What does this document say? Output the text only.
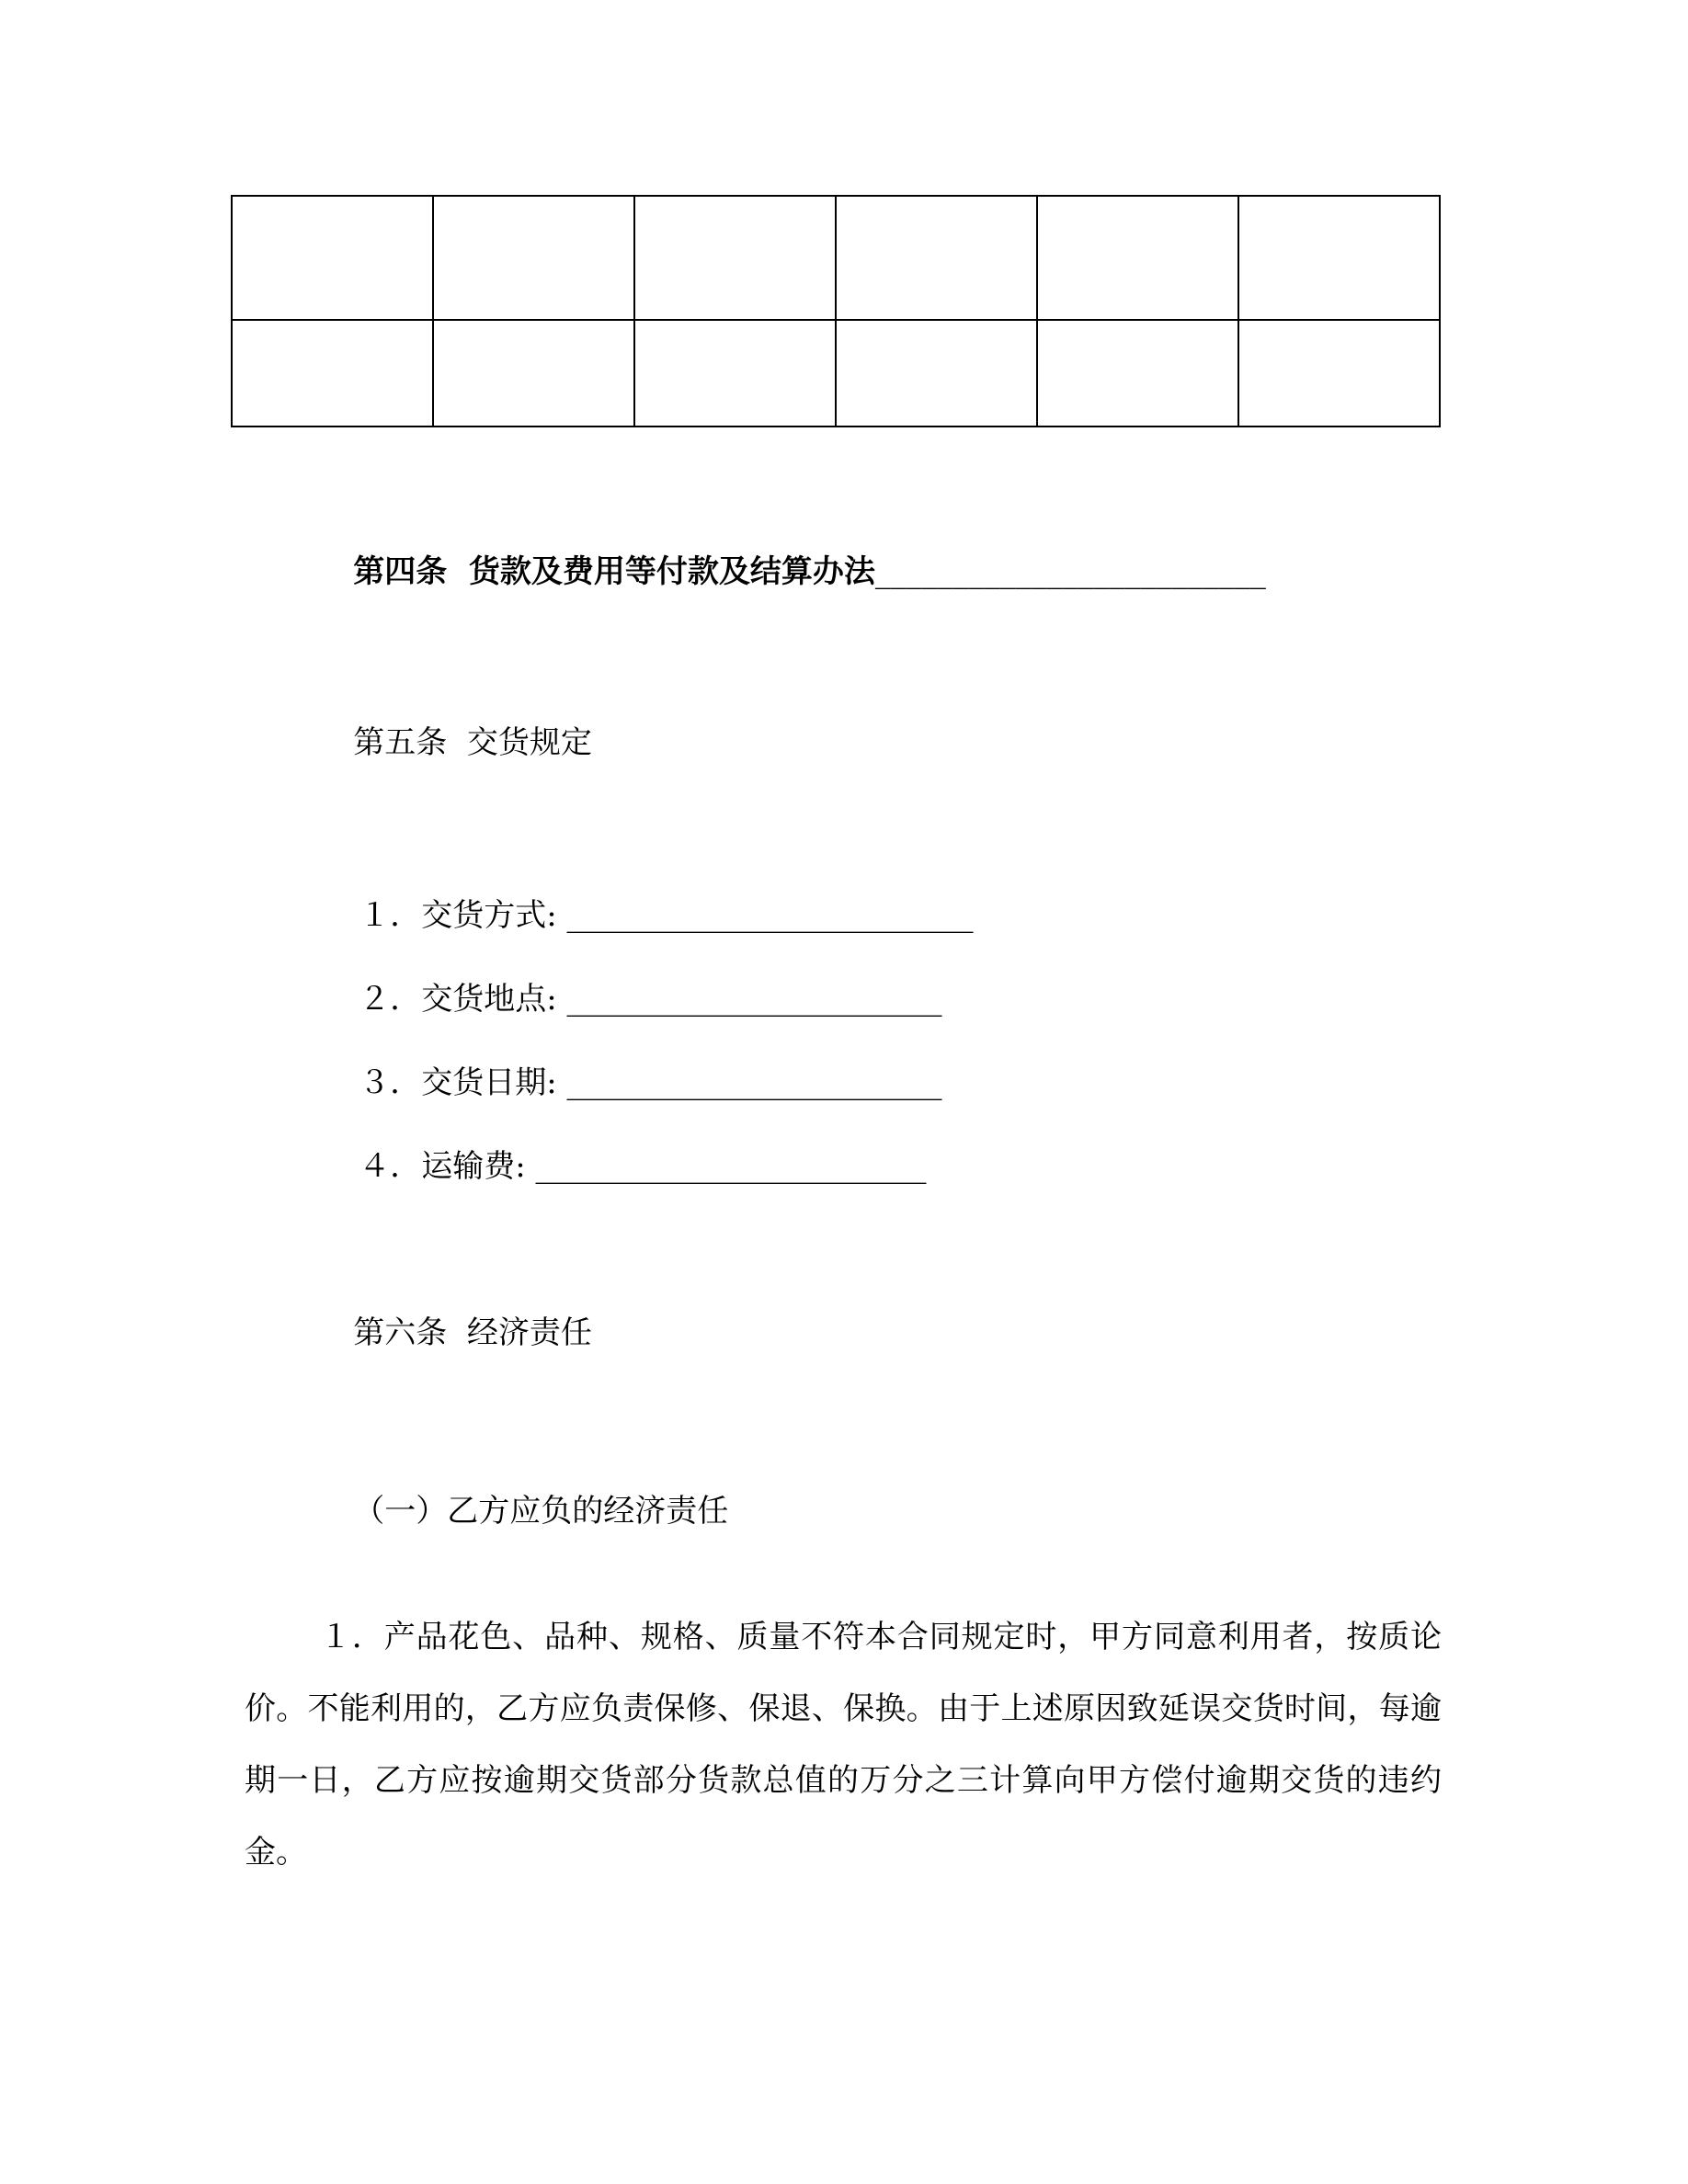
第四条  货款及费用等付款及结算办法_________________________

第五条  交货规定

１．交货方式: __________________________

２．交货地点: ________________________

３．交货日期: ________________________

４．运输费: _________________________

第六条  经济责任

（一）乙方应负的经济责任

１．产品花色、品种、规格、质量不符本合同规定时，甲方同意利用者，按质论价。不能利用的，乙方应负责保修、保退、保换。由于上述原因致延误交货时间，每逾期一日，乙方应按逾期交货部分货款总值的万分之三计算向甲方偿付逾期交货的违约金。
